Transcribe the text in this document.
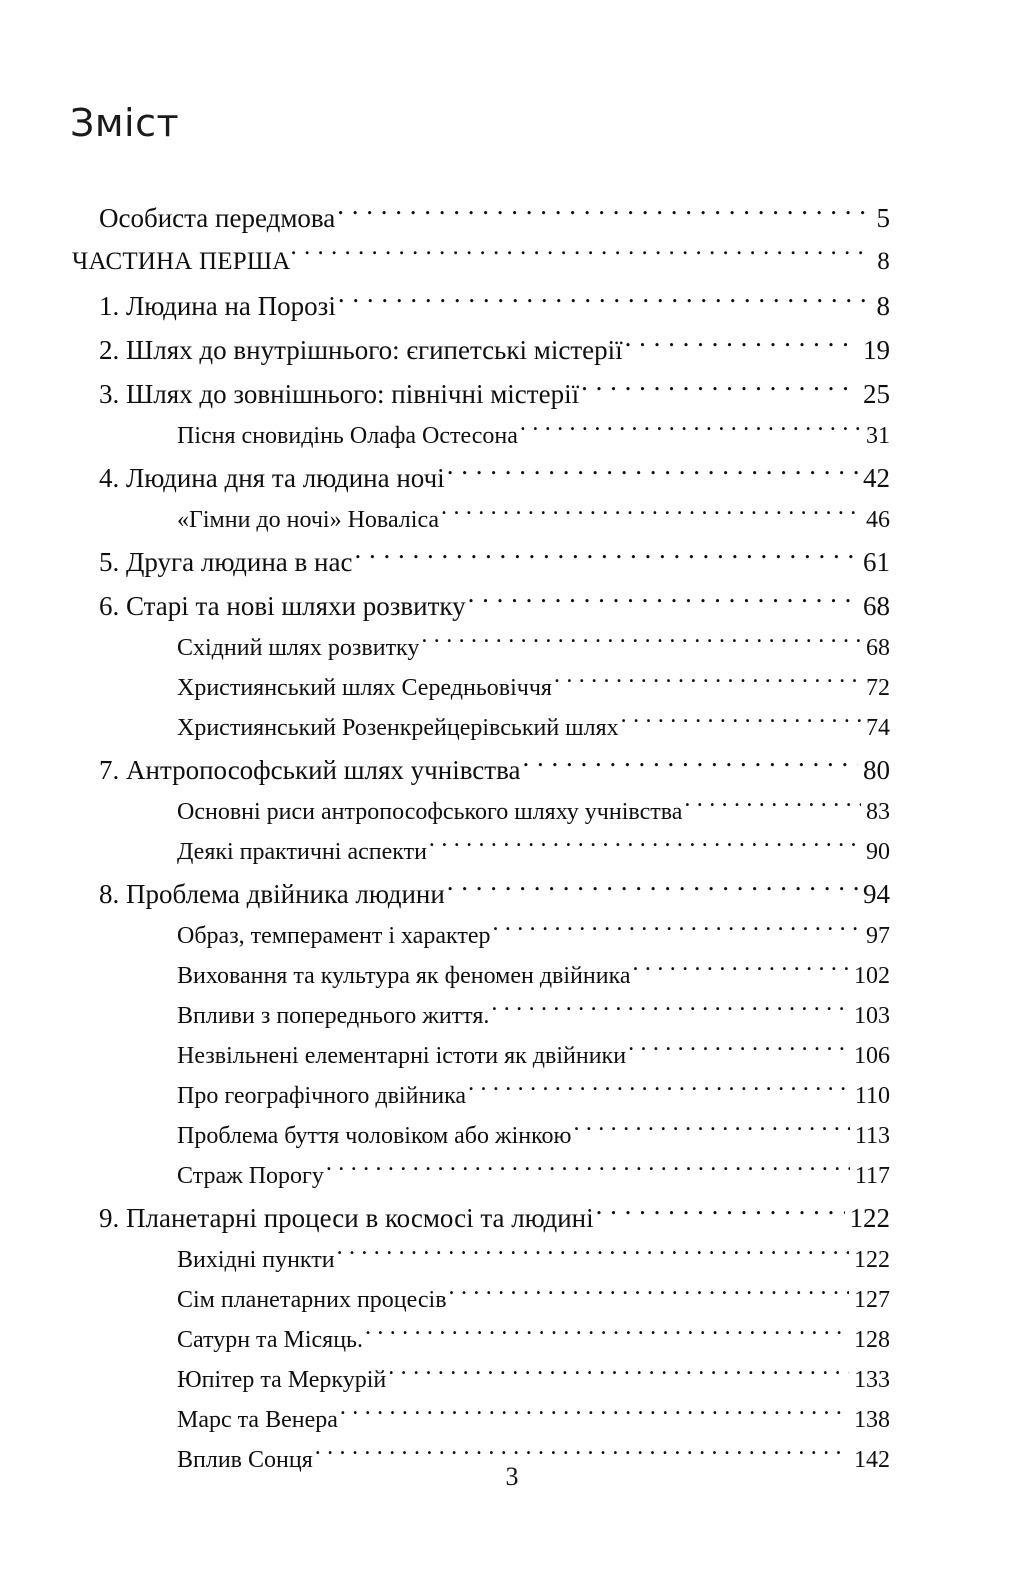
Зміст
Особиста передмова . . .	5
ЧАСТИНА ПЕРША . . .	8
1. Людина на Порозі . . .	8
2. Шлях до внутрішнього: єгипетські містерії . . .	19
3. Шлях до зовнішнього: північні містерії . . .	25
Пісня сновидінь Олафа Остесона . . .	31
4. Людина дня та людина ночі . . .	42
«Гімни до ночі» Новаліса . . .	46
5. Друга людина в нас . . .	61
6. Старі та нові шляхи розвитку . . .	68
Східний шлях розвитку . . .	68
Християнський шлях Середньовіччя . . .	72
Християнський Розенкрейцерівський шлях . . .	74
7. Антропософський шлях учнівства . . .	80
Основні риси антропософського шляху учнівства . . .	83
Деякі практичні аспекти . . .	90
8. Проблема двійника людини . . .	94
Образ, темперамент і характер . . .	97
Виховання та культура як феномен двійника . . .	102
Впливи з попереднього життя. . . .	103
Незвільнені елементарні істоти як двійники . . .	106
Про географічного двійника . . .	110
Проблема буття чоловіком або жінкою . . .	113
Страж Порогу . . .	117
9. Планетарні процеси в космосі та людині . . .	122
Вихідні пункти . . .	122
Сім планетарних процесів . . .	127
Сатурн та Місяць. . . .	128
Юпітер та Меркурій . . .	133
Марс та Венера . . .	138
Вплив Сонця . . .	142
3
